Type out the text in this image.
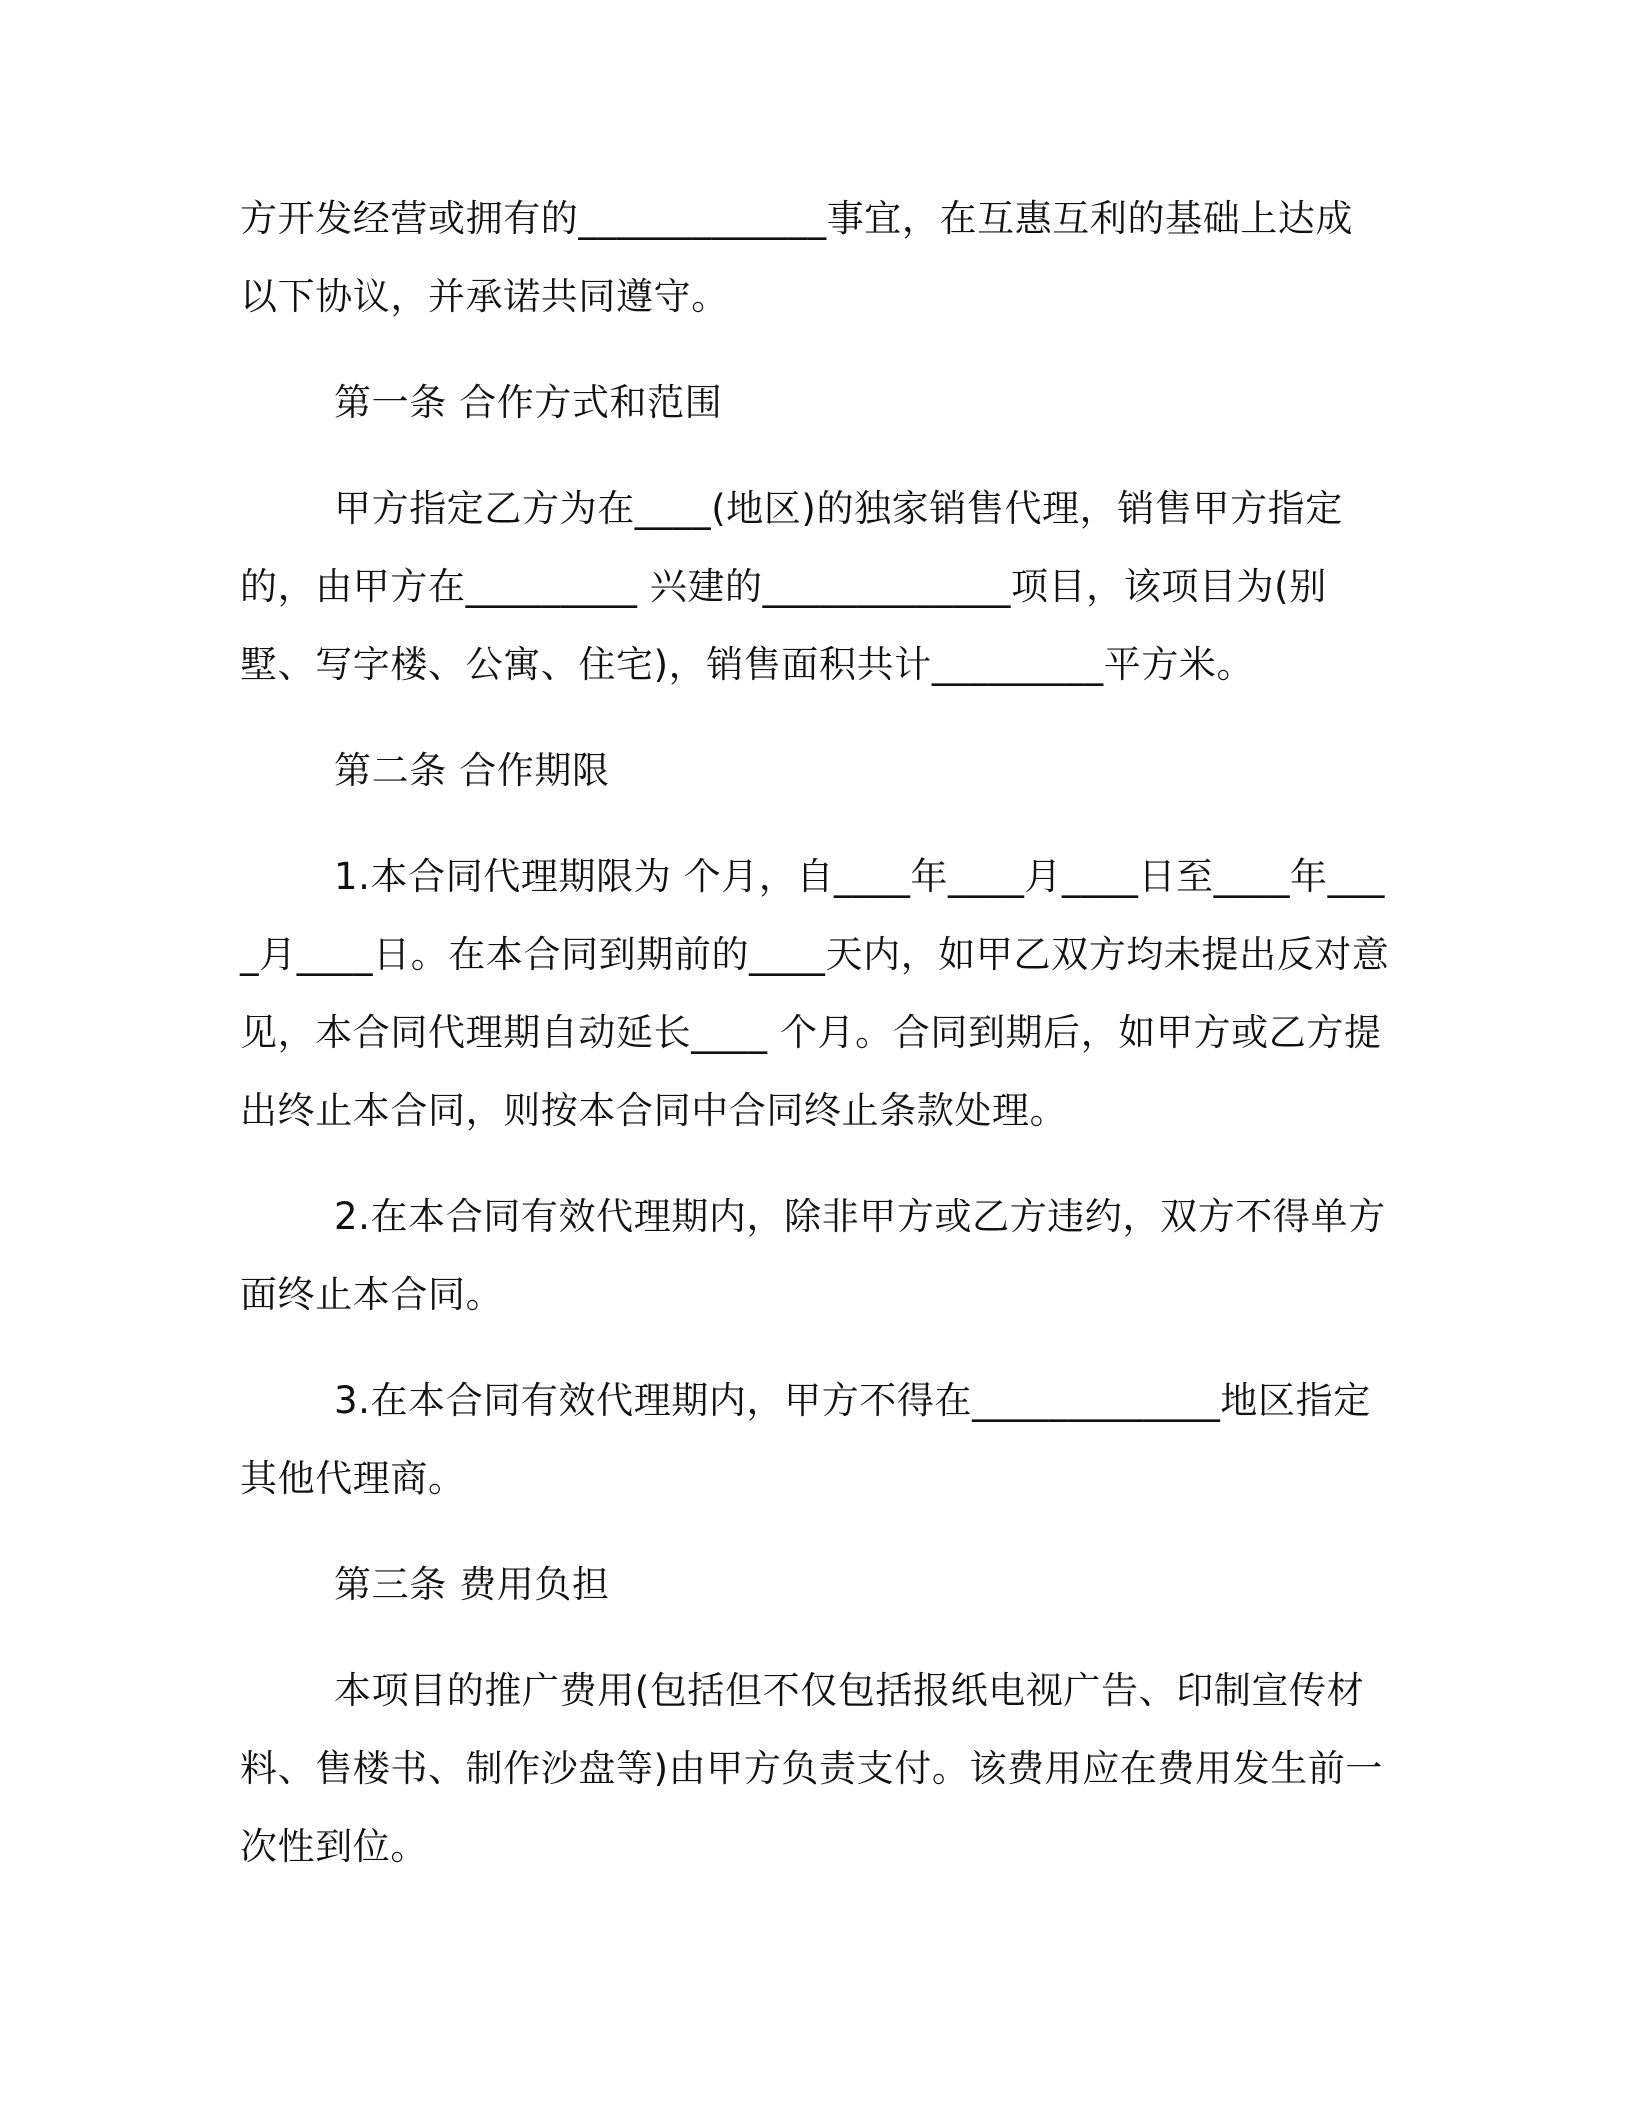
方开发经营或拥有的_____________事宜，在互惠互利的基础上达成以下协议，并承诺共同遵守。

第一条 合作方式和范围

甲方指定乙方为在____(地区)的独家销售代理，销售甲方指定的，由甲方在_________ 兴建的_____________项目，该项目为(别墅、写字楼、公寓、住宅)，销售面积共计_________平方米。

第二条 合作期限

1.本合同代理期限为 个月，自____年____月____日至____年____月____日。在本合同到期前的____天内，如甲乙双方均未提出反对意见，本合同代理期自动延长____ 个月。合同到期后，如甲方或乙方提出终止本合同，则按本合同中合同终止条款处理。

2.在本合同有效代理期内，除非甲方或乙方违约，双方不得单方面终止本合同。

3.在本合同有效代理期内，甲方不得在_____________地区指定其他代理商。

第三条 费用负担

本项目的推广费用(包括但不仅包括报纸电视广告、印制宣传材料、售楼书、制作沙盘等)由甲方负责支付。该费用应在费用发生前一次性到位。
